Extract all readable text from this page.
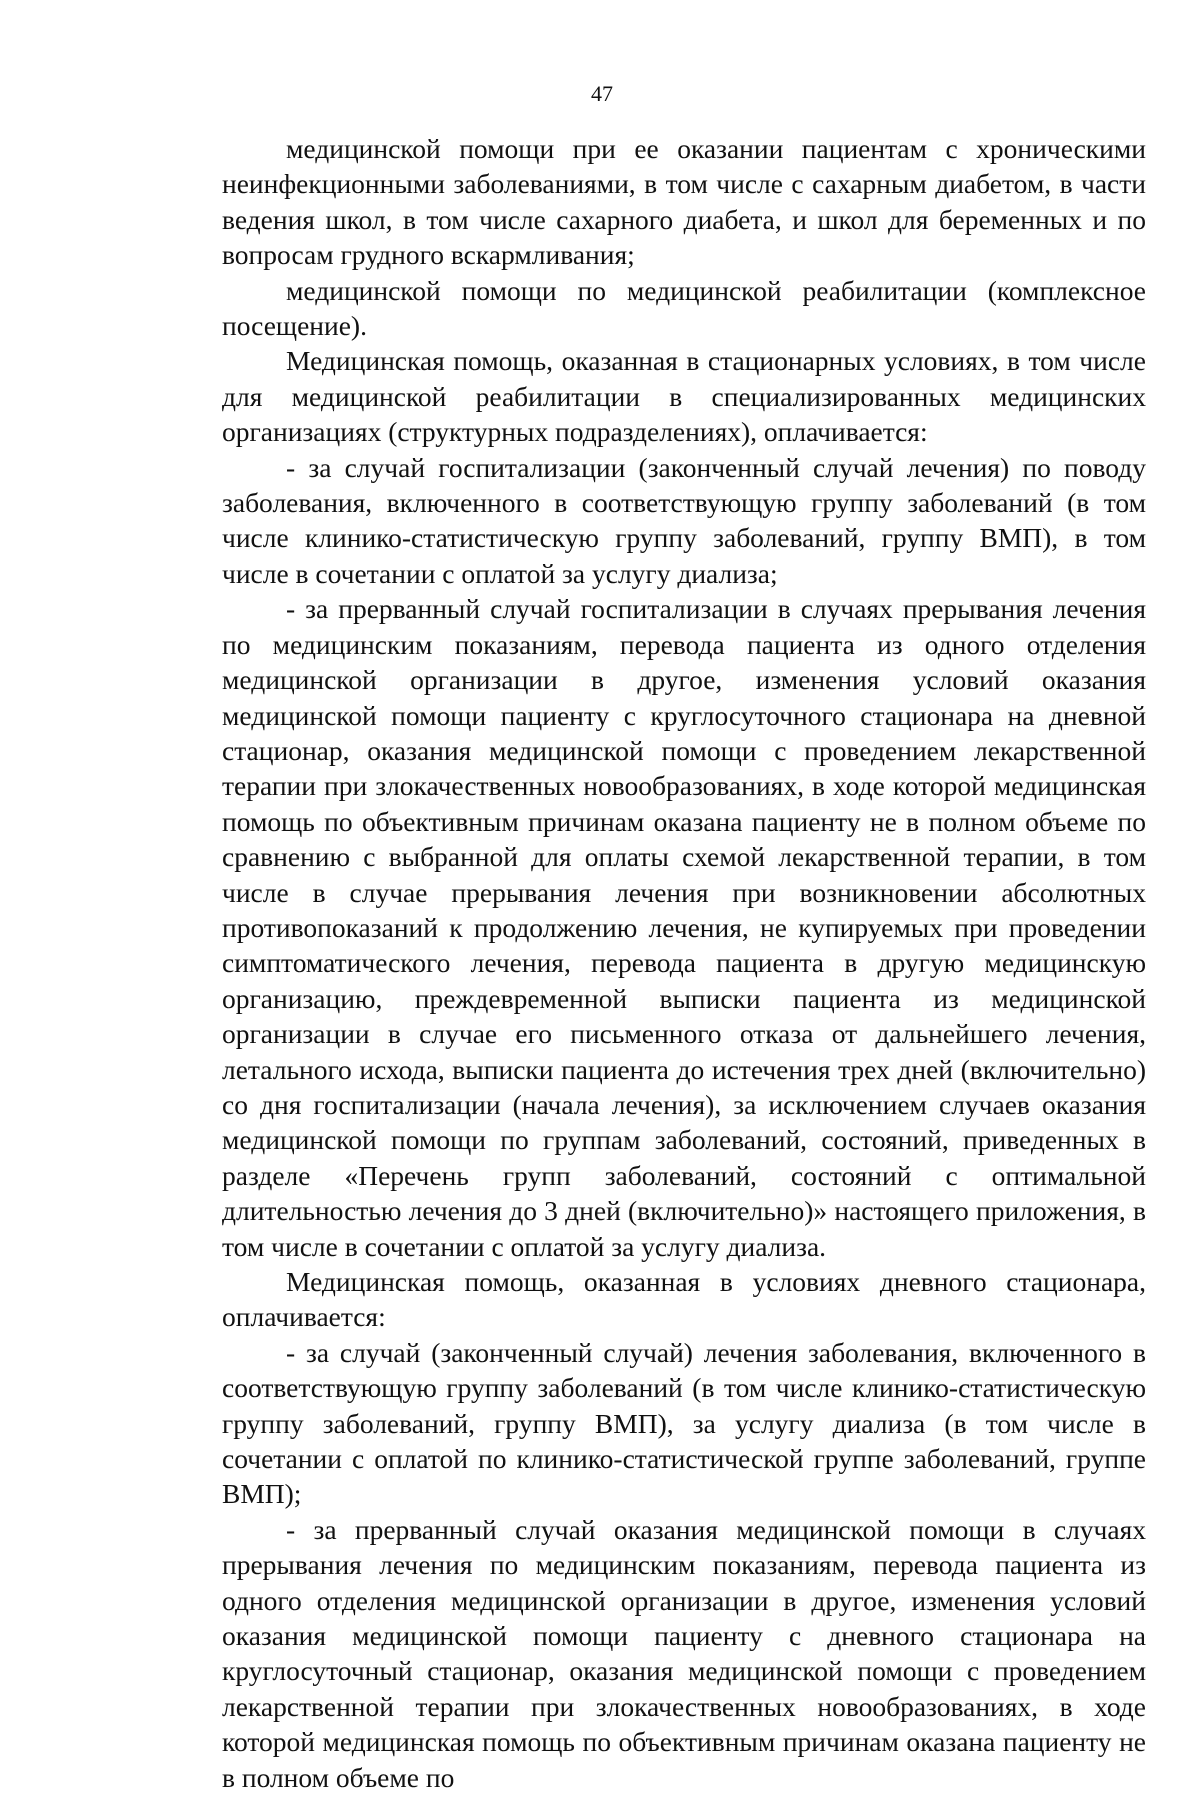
47

медицинской помощи при ее оказании пациентам с хроническими неинфекционными заболеваниями, в том числе с сахарным диабетом, в части ведения школ, в том числе сахарного диабета, и школ для беременных и по вопросам грудного вскармливания;

медицинской помощи по медицинской реабилитации (комплексное посещение).

Медицинская помощь, оказанная в стационарных условиях, в том числе для медицинской реабилитации в специализированных медицинских организациях (структурных подразделениях), оплачивается:

- за случай госпитализации (законченный случай лечения) по поводу заболевания, включенного в соответствующую группу заболеваний (в том числе клинико-статистическую группу заболеваний, группу ВМП), в том числе в сочетании с оплатой за услугу диализа;

- за прерванный случай госпитализации в случаях прерывания лечения по медицинским показаниям, перевода пациента из одного отделения медицинской организации в другое, изменения условий оказания медицинской помощи пациенту с круглосуточного стационара на дневной стационар, оказания медицинской помощи с проведением лекарственной терапии при злокачественных новообразованиях, в ходе которой медицинская помощь по объективным причинам оказана пациенту не в полном объеме по сравнению с выбранной для оплаты схемой лекарственной терапии, в том числе в случае прерывания лечения при возникновении абсолютных противопоказаний к продолжению лечения, не купируемых при проведении симптоматического лечения, перевода пациента в другую медицинскую организацию, преждевременной выписки пациента из медицинской организации в случае его письменного отказа от дальнейшего лечения, летального исхода, выписки пациента до истечения трех дней (включительно) со дня госпитализации (начала лечения), за исключением случаев оказания медицинской помощи по группам заболеваний, состояний, приведенных в разделе «Перечень групп заболеваний, состояний с оптимальной длительностью лечения до 3 дней (включительно)» настоящего приложения, в том числе в сочетании с оплатой за услугу диализа.

Медицинская помощь, оказанная в условиях дневного стационара, оплачивается:

- за случай (законченный случай) лечения заболевания, включенного в соответствующую группу заболеваний (в том числе клинико-статистическую группу заболеваний, группу ВМП), за услугу диализа (в том числе в сочетании с оплатой по клинико-статистической группе заболеваний, группе ВМП);

- за прерванный случай оказания медицинской помощи в случаях прерывания лечения по медицинским показаниям, перевода пациента из одного отделения медицинской организации в другое, изменения условий оказания медицинской помощи пациенту с дневного стационара на круглосуточный стационар, оказания медицинской помощи с проведением лекарственной терапии при злокачественных новообразованиях, в ходе которой медицинская помощь по объективным причинам оказана пациенту не в полном объеме по
